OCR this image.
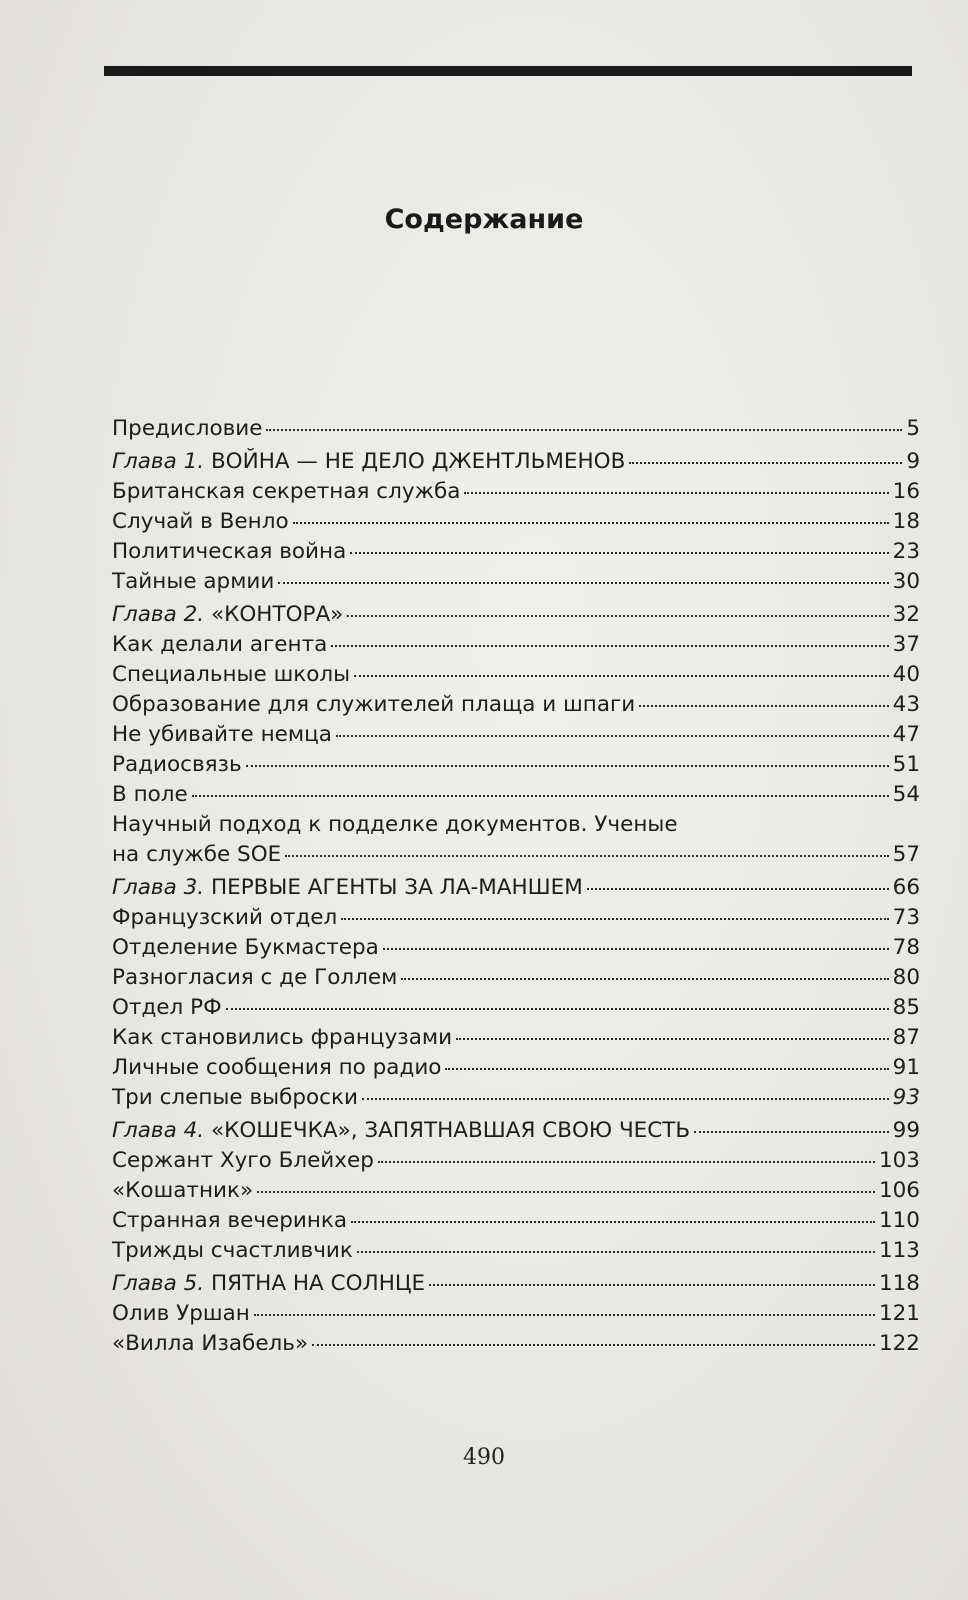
Содержание
Предисловие	5
Глава 1. ВОЙНА — НЕ ДЕЛО ДЖЕНТЛЬМЕНОВ	9
Британская секретная служба	16
Случай в Венло	18
Политическая война	23
Тайные армии	30
Глава 2. «КОНТОРА»	32
Как делали агента	37
Специальные школы	40
Образование для служителей плаща и шпаги	43
Не убивайте немца	47
Радиосвязь	51
В поле	54
Научный подход к подделке документов. Ученые
на службе SOE	57
Глава 3. ПЕРВЫЕ АГЕНТЫ ЗА ЛА-МАНШЕМ	66
Французский отдел	73
Отделение Букмастера	78
Разногласия с де Голлем	80
Отдел РФ	85
Как становились французами	87
Личные сообщения по радио	91
Три слепые выброски	93
Глава 4. «КОШЕЧКА», ЗАПЯТНАВШАЯ СВОЮ ЧЕСТЬ	99
Сержант Хуго Блейхер	103
«Кошатник»	106
Странная вечеринка	110
Трижды счастливчик	113
Глава 5. ПЯТНА НА СОЛНЦЕ	118
Олив Уршан	121
«Вилла Изабель»	122
490
